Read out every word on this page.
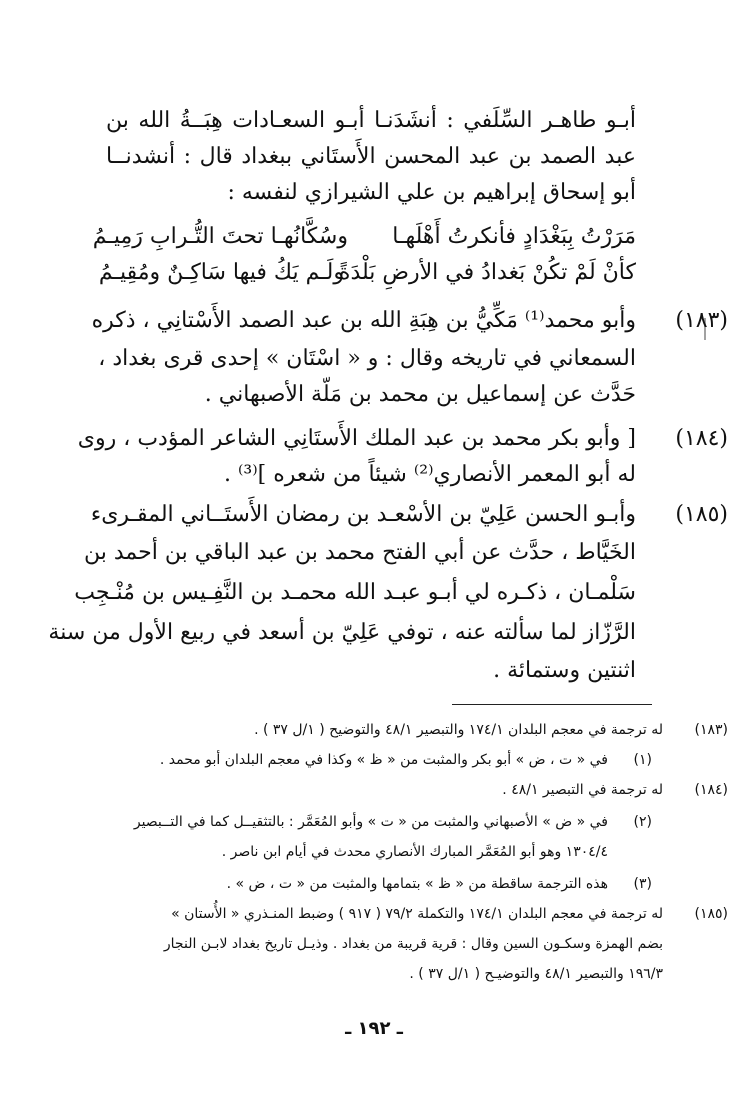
أبـو طاهـر السِّلَفي : أنشَدَنـا أبـو السعـادات هِبَــةُ الله بن
عبد الصمد بن عبد المحسن الأَستَاني ببغداد قال : أنشدنــا
أبو إسحاق إبراهيم بن علي الشيرازي لنفسه :
مَرَرْتُ بِبَغْدَادٍ فأنكرتُ أَهْلَهـا
وسُكَّانُهـا تحتَ التُّـرابِ رَمِيـمُ
كأنْ لَمْ تكُنْ بَغدادُ في الأرضِ بَلْدَةً
ولَـم يَكُ فيها سَاكِـنٌ ومُقِيـمُ
(١٨٣)
وأبو محمد⁽¹⁾ مَكِّيُّ بن هِبَةِ الله بن عبد الصمد الأَسْتانِي ، ذكره
السمعاني في تاريخه وقال : و « اسْتَان » إحدى قرى بغداد ،
حَدَّث عن إسماعيل بن محمد بن مَلّة الأصبهاني .
(١٨٤)
[ وأبو بكر محمد بن عبد الملك الأَستَانِي الشاعر المؤدب ، روى
له أبو المعمر الأنصاري⁽²⁾ شيئاً من شعره ]⁽³⁾ .
(١٨٥)
وأبـو الحسن عَلِيّ بن الأسْعـد بن رمضان الأَستَــاني المقـرىء
الخَيَّاط ، حدَّث عن أبي الفتح محمد بن عبد الباقي بن أحمد بن
سَلْمـان ، ذكـره لي أبـو عبـد الله محمـد بن النَّفِـيس بن مُنْـجِب
الرَّزّاز لما سألته عنه ، توفي عَلِيّ بن أسعد في ربيع الأول من سنة
اثنتين وستمائة .
(١٨٣)
له ترجمة في معجم البلدان ١٧٤/١ والتبصير ٤٨/١ والتوضيح ( ١/ل ٣٧ ) .
(١)
في « ت ، ض » أبو بكر والمثبت من « ظ » وكذا في معجم البلدان أبو محمد .
(١٨٤)
له ترجمة في التبصير ٤٨/١ .
(٢)
في « ض » الأصبهاني والمثبت من « ت » وأبو المُعَمَّر : بالتثقيــل كما في التــبصير
١٣٠٤/٤ وهو أبو المُعَمَّر المبارك الأنصاري محدث في أيام ابن ناصر .
(٣)
هذه الترجمة ساقطة من « ظ » بتمامها والمثبت من « ت ، ض » .
(١٨٥)
له ترجمة في معجم البلدان ١٧٤/١ والتكملة ٧٩/٢ ( ٩١٧ ) وضبط المنـذري « الأُستان »
بضم الهمزة وسكـون السين وقال : قرية قريبة من بغداد . وذيـل تاريخ بغداد لابـن النجار
١٩٦/٣ والتبصير ٤٨/١ والتوضيـح ( ١/ل ٣٧ ) .
ـ ١٩٢ ـ
